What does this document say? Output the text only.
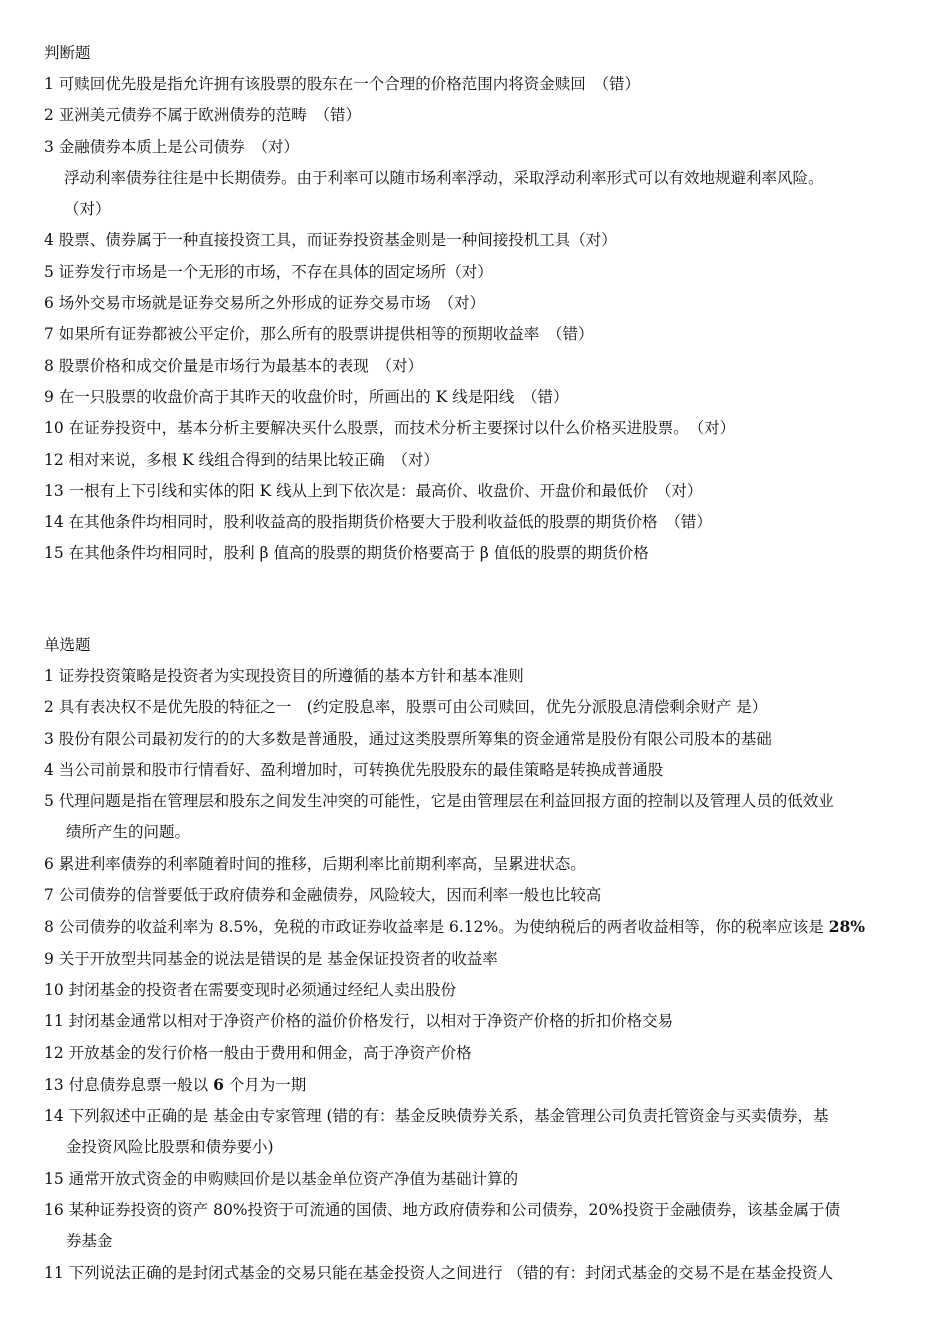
判断题
1 可赎回优先股是指允许拥有该股票的股东在一个合理的价格范围内将资金赎回　（错）
2 亚洲美元债券不属于欧洲债券的范畴　（错）
3 金融债券本质上是公司债券　（对）
浮动利率债券往往是中长期债券。由于利率可以随市场利率浮动，采取浮动利率形式可以有效地规避利率风险。
（对）
4 股票、债券属于一种直接投资工具，而证券投资基金则是一种间接投机工具（对）
5 证券发行市场是一个无形的市场，不存在具体的固定场所（对）
6 场外交易市场就是证券交易所之外形成的证券交易市场　（对）
7 如果所有证券都被公平定价，那么所有的股票讲提供相等的预期收益率　（错）
8 股票价格和成交价量是市场行为最基本的表现　（对）
9 在一只股票的收盘价高于其昨天的收盘价时，所画出的 K 线是阳线　（错）
10 在证券投资中，基本分析主要解决买什么股票，而技术分析主要探讨以什么价格买进股票。　（对）
12 相对来说，多根 K 线组合得到的结果比较正确　（对）
13 一根有上下引线和实体的阳 K 线从上到下依次是：最高价、收盘价、开盘价和最低价　（对）
14 在其他条件均相同时，股利收益高的股指期货价格要大于股利收益低的股票的期货价格　（错）
15 在其他条件均相同时，股利 β 值高的股票的期货价格要高于 β 值低的股票的期货价格
单选题
1 证券投资策略是投资者为实现投资目的所遵循的基本方针和基本准则
2 具有表决权不是优先股的特征之一　(约定股息率，股票可由公司赎回，优先分派股息清偿剩余财产 是）
3 股份有限公司最初发行的的大多数是普通股，通过这类股票所筹集的资金通常是股份有限公司股本的基础
4 当公司前景和股市行情看好、盈利增加时，可转换优先股股东的最佳策略是转换成普通股
5 代理问题是指在管理层和股东之间发生冲突的可能性，它是由管理层在利益回报方面的控制以及管理人员的低效业
绩所产生的问题。
6 累进利率债券的利率随着时间的推移，后期利率比前期利率高，呈累进状态。
7 公司债券的信誉要低于政府债券和金融债券，风险较大，因而利率一般也比较高
8 公司债券的收益利率为 8.5%，免税的市政证券收益率是 6.12%。为使纳税后的两者收益相等，你的税率应该是 28%
9 关于开放型共同基金的说法是错误的是 基金保证投资者的收益率
10 封闭基金的投资者在需要变现时必须通过经纪人卖出股份
11 封闭基金通常以相对于净资产价格的溢价价格发行，以相对于净资产价格的折扣价格交易
12 开放基金的发行价格一般由于费用和佣金，高于净资产价格
13 付息债券息票一般以 6 个月为一期
14 下列叙述中正确的是 基金由专家管理 (错的有：基金反映债券关系，基金管理公司负责托管资金与买卖债券，基
金投资风险比股票和债券要小)
15 通常开放式资金的申购赎回价是以基金单位资产净值为基础计算的
16 某种证券投资的资产 80%投资于可流通的国债、地方政府债券和公司债券，20%投资于金融债券，该基金属于债
券基金
11 下列说法正确的是封闭式基金的交易只能在基金投资人之间进行 （错的有：封闭式基金的交易不是在基金投资人
